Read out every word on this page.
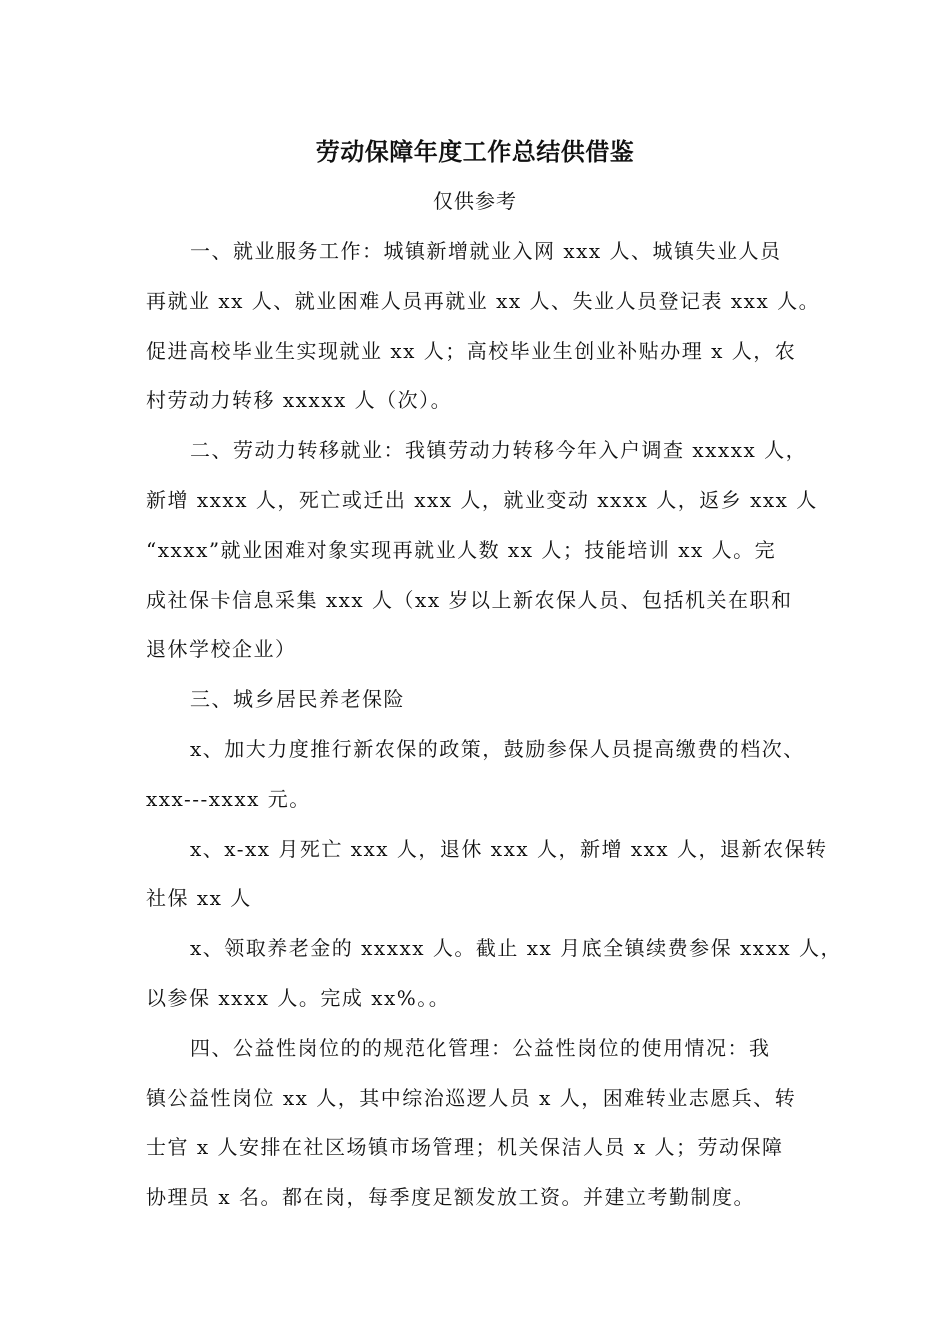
劳动保障年度工作总结供借鉴
仅供参考
一、就业服务工作：城镇新增就业入网 xxx 人、城镇失业人员
再就业 xx 人、就业困难人员再就业 xx 人、失业人员登记表 xxx 人。
促进高校毕业生实现就业 xx 人；高校毕业生创业补贴办理 x 人，农
村劳动力转移 xxxxx 人（次）。
二、劳动力转移就业：我镇劳动力转移今年入户调查 xxxxx 人，
新增 xxxx 人，死亡或迁出 xxx 人，就业变动 xxxx 人，返乡 xxx 人
“xxxx”就业困难对象实现再就业人数 xx 人；技能培训 xx 人。完
成社保卡信息采集 xxx 人（xx 岁以上新农保人员、包括机关在职和
退休学校企业）
三、城乡居民养老保险
x、加大力度推行新农保的政策，鼓励参保人员提高缴费的档次、
xxx---xxxx 元。
x、x-xx 月死亡 xxx 人，退休 xxx 人，新增 xxx 人，退新农保转
社保 xx 人
x、领取养老金的 xxxxx 人。截止 xx 月底全镇续费参保 xxxx 人，
以参保 xxxx 人。完成 xx%。。
四、公益性岗位的的规范化管理：公益性岗位的使用情况：我
镇公益性岗位 xx 人，其中综治巡逻人员 x 人，困难转业志愿兵、转
士官 x 人安排在社区场镇市场管理；机关保洁人员 x 人；劳动保障
协理员 x 名。都在岗，每季度足额发放工资。并建立考勤制度。
